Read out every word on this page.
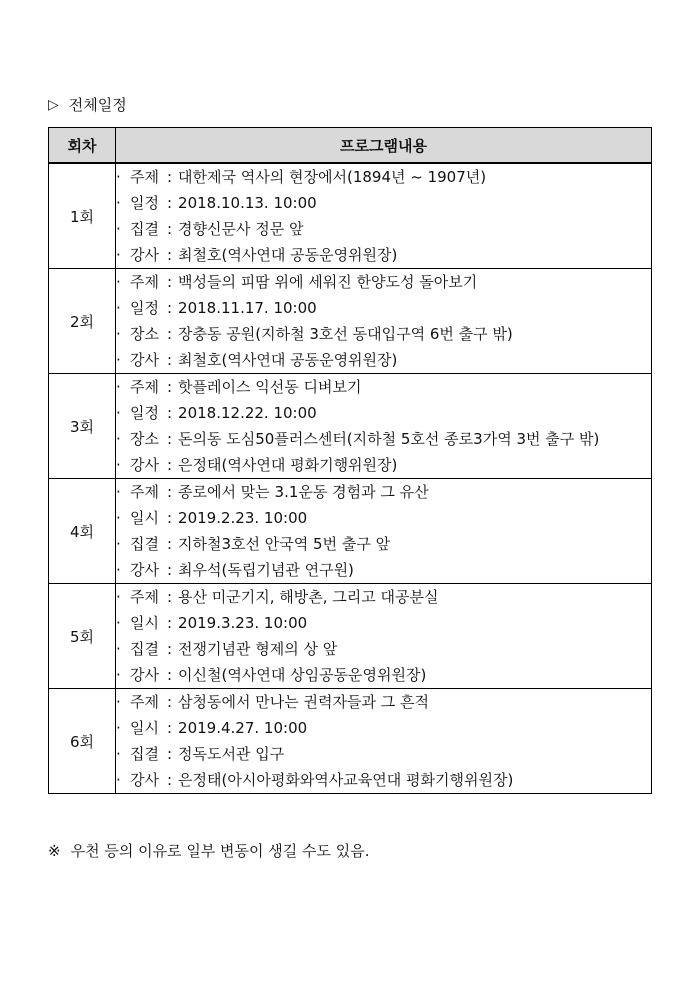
▷ 전체일정
회차	프로그램내용
1회	· 주제 : 대한제국 역사의 현장에서(1894년 ~ 1907년)
· 일정 : 2018.10.13. 10:00
· 집결 : 경향신문사 정문 앞
· 강사 : 최철호(역사연대 공동운영위원장)

2회	· 주제 : 백성들의 피땀 위에 세워진 한양도성 돌아보기
· 일정 : 2018.11.17. 10:00
· 장소 : 장충동 공원(지하철 3호선 동대입구역 6번 출구 밖)
· 강사 : 최철호(역사연대 공동운영위원장)

3회	· 주제 : 핫플레이스 익선동 디벼보기
· 일정 : 2018.12.22. 10:00
· 장소 : 돈의동 도심50플러스센터(지하철 5호선 종로3가역 3번 출구 밖)
· 강사 : 은정태(역사연대 평화기행위원장)

4회	· 주제 : 종로에서 맞는 3.1운동 경험과 그 유산
· 일시 : 2019.2.23. 10:00
· 집결 : 지하철3호선 안국역 5번 출구 앞
· 강사 : 최우석(독립기념관 연구원)

5회	· 주제 : 용산 미군기지, 해방촌, 그리고 대공분실
· 일시 : 2019.3.23. 10:00
· 집결 : 전쟁기념관 형제의 상 앞
· 강사 : 이신철(역사연대 상임공동운영위원장)

6회	· 주제 : 삼청동에서 만나는 권력자들과 그 흔적
· 일시 : 2019.4.27. 10:00
· 집결 : 정독도서관 입구
· 강사 : 은정태(아시아평화와역사교육연대 평화기행위원장)
※ 우천 등의 이유로 일부 변동이 생길 수도 있음.
